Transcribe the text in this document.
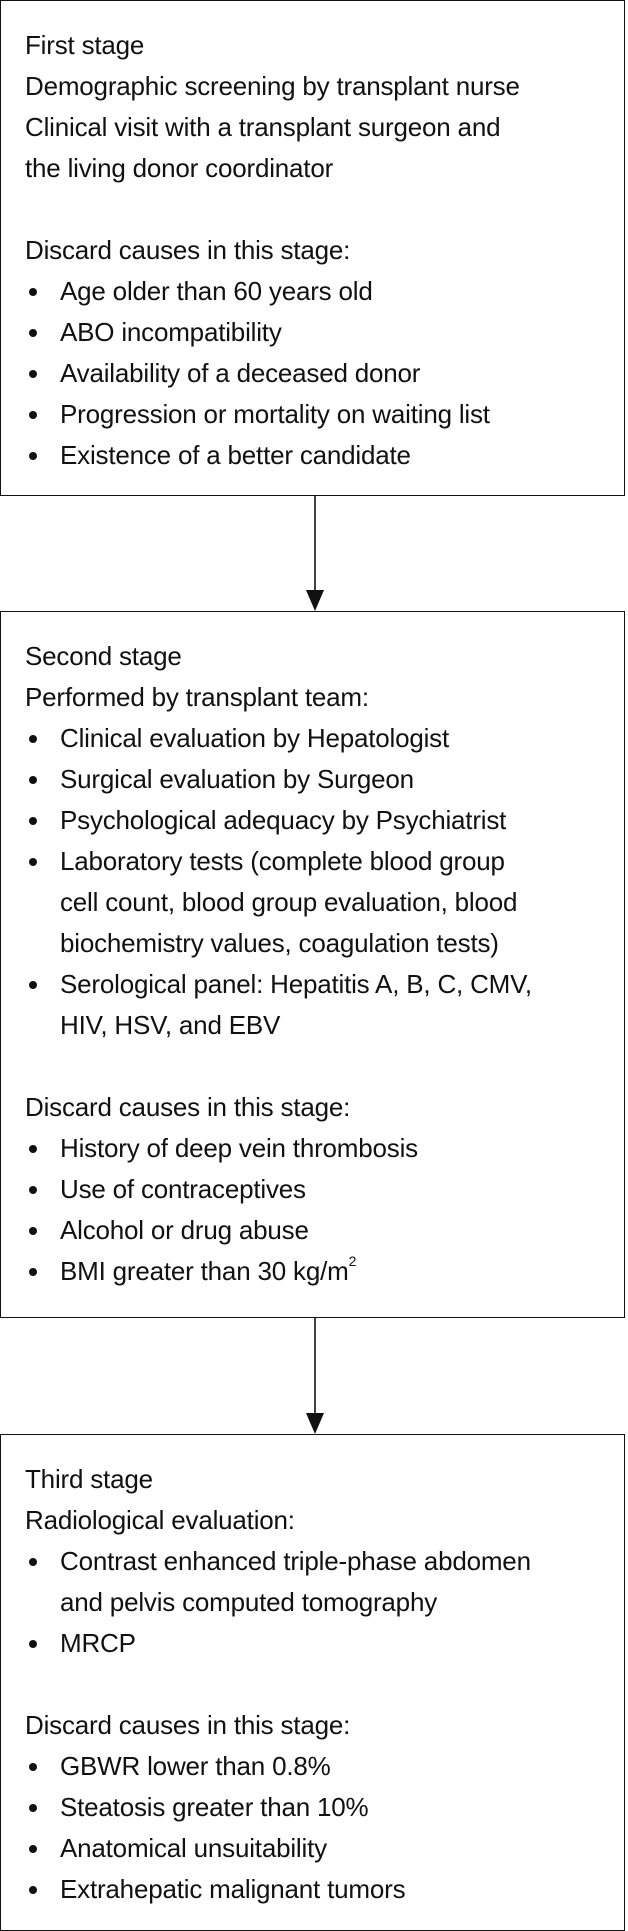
First stage

Demographic screening by transplant nurse

Clinical visit with a transplant surgeon and

the living donor coordinator

Discard causes in this stage:

Age older than 60 years old
ABO incompatibility
Availability of a deceased donor
Progression or mortality on waiting list
Existence of a better candidate

Second stage

Performed by transplant team:

Clinical evaluation by Hepatologist
Surgical evaluation by Surgeon
Psychological adequacy by Psychiatrist
Laboratory tests (complete blood group
cell count, blood group evaluation, blood
biochemistry values, coagulation tests)
Serological panel: Hepatitis A, B, C, CMV,
HIV, HSV, and EBV

Discard causes in this stage:

History of deep vein thrombosis
Use of contraceptives
Alcohol or drug abuse
BMI greater than 30 $kg/m^2$

Third stage

Radiological evaluation:

Contrast enhanced triple-phase abdomen
and pelvis computed tomography
MRCP

Discard causes in this stage:

GBWR lower than 0.8%
Steatosis greater than 10%
Anatomical unsuitability
Extrahepatic malignant tumors
